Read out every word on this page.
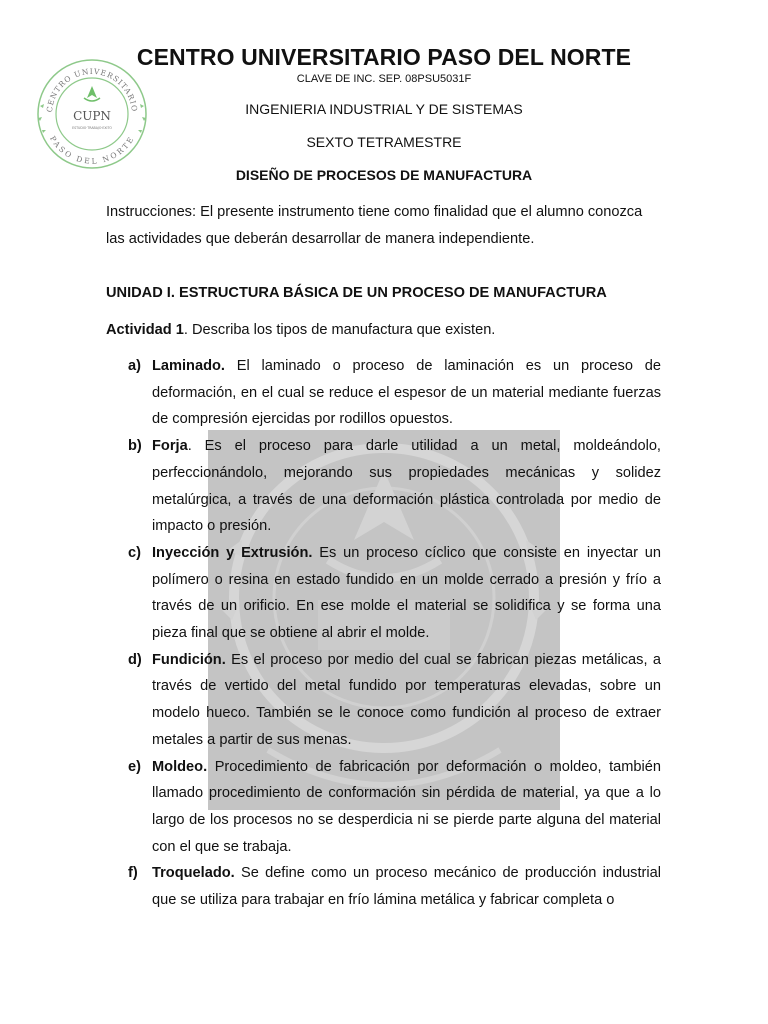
CENTRO UNIVERSITARIO
PASO DEL NORTE
CUPN
ESTUDIO·TRABAJO·EXITO
CENTRO UNIVERSITARIO PASO DEL NORTE
CLAVE DE INC. SEP. 08PSU5031F
INGENIERIA INDUSTRIAL Y DE SISTEMAS
SEXTO TETRAMESTRE
DISEÑO DE PROCESOS DE MANUFACTURA
Instrucciones: El presente instrumento tiene como finalidad que el alumno conozca las actividades que deberán desarrollar de manera independiente.
UNIDAD I. ESTRUCTURA BÁSICA DE UN PROCESO DE MANUFACTURA
Actividad 1. Describa los tipos de manufactura que existen.
a) Laminado. El laminado o proceso de laminación es un proceso de deformación, en el cual se reduce el espesor de un material mediante fuerzas de compresión ejercidas por rodillos opuestos.
b) Forja. Es el proceso para darle utilidad a un metal, moldeándolo, perfeccionándolo, mejorando sus propiedades mecánicas y solidez metalúrgica, a través de una deformación plástica controlada por medio de impacto o presión.
c) Inyección y Extrusión. Es un proceso cíclico que consiste en inyectar un polímero o resina en estado fundido en un molde cerrado a presión y frío a través de un orificio. En ese molde el material se solidifica y se forma una pieza final que se obtiene al abrir el molde.
d) Fundición. Es el proceso por medio del cual se fabrican piezas metálicas, a través de vertido del metal fundido por temperaturas elevadas, sobre un modelo hueco. También se le conoce como fundición al proceso de extraer metales a partir de sus menas.
e) Moldeo. Procedimiento de fabricación por deformación o moldeo, también llamado procedimiento de conformación sin pérdida de material, ya que a lo largo de los procesos no se desperdicia ni se pierde parte alguna del material con el que se trabaja.
f) Troquelado. Se define como un proceso mecánico de producción industrial que se utiliza para trabajar en frío lámina metálica y fabricar completa o
